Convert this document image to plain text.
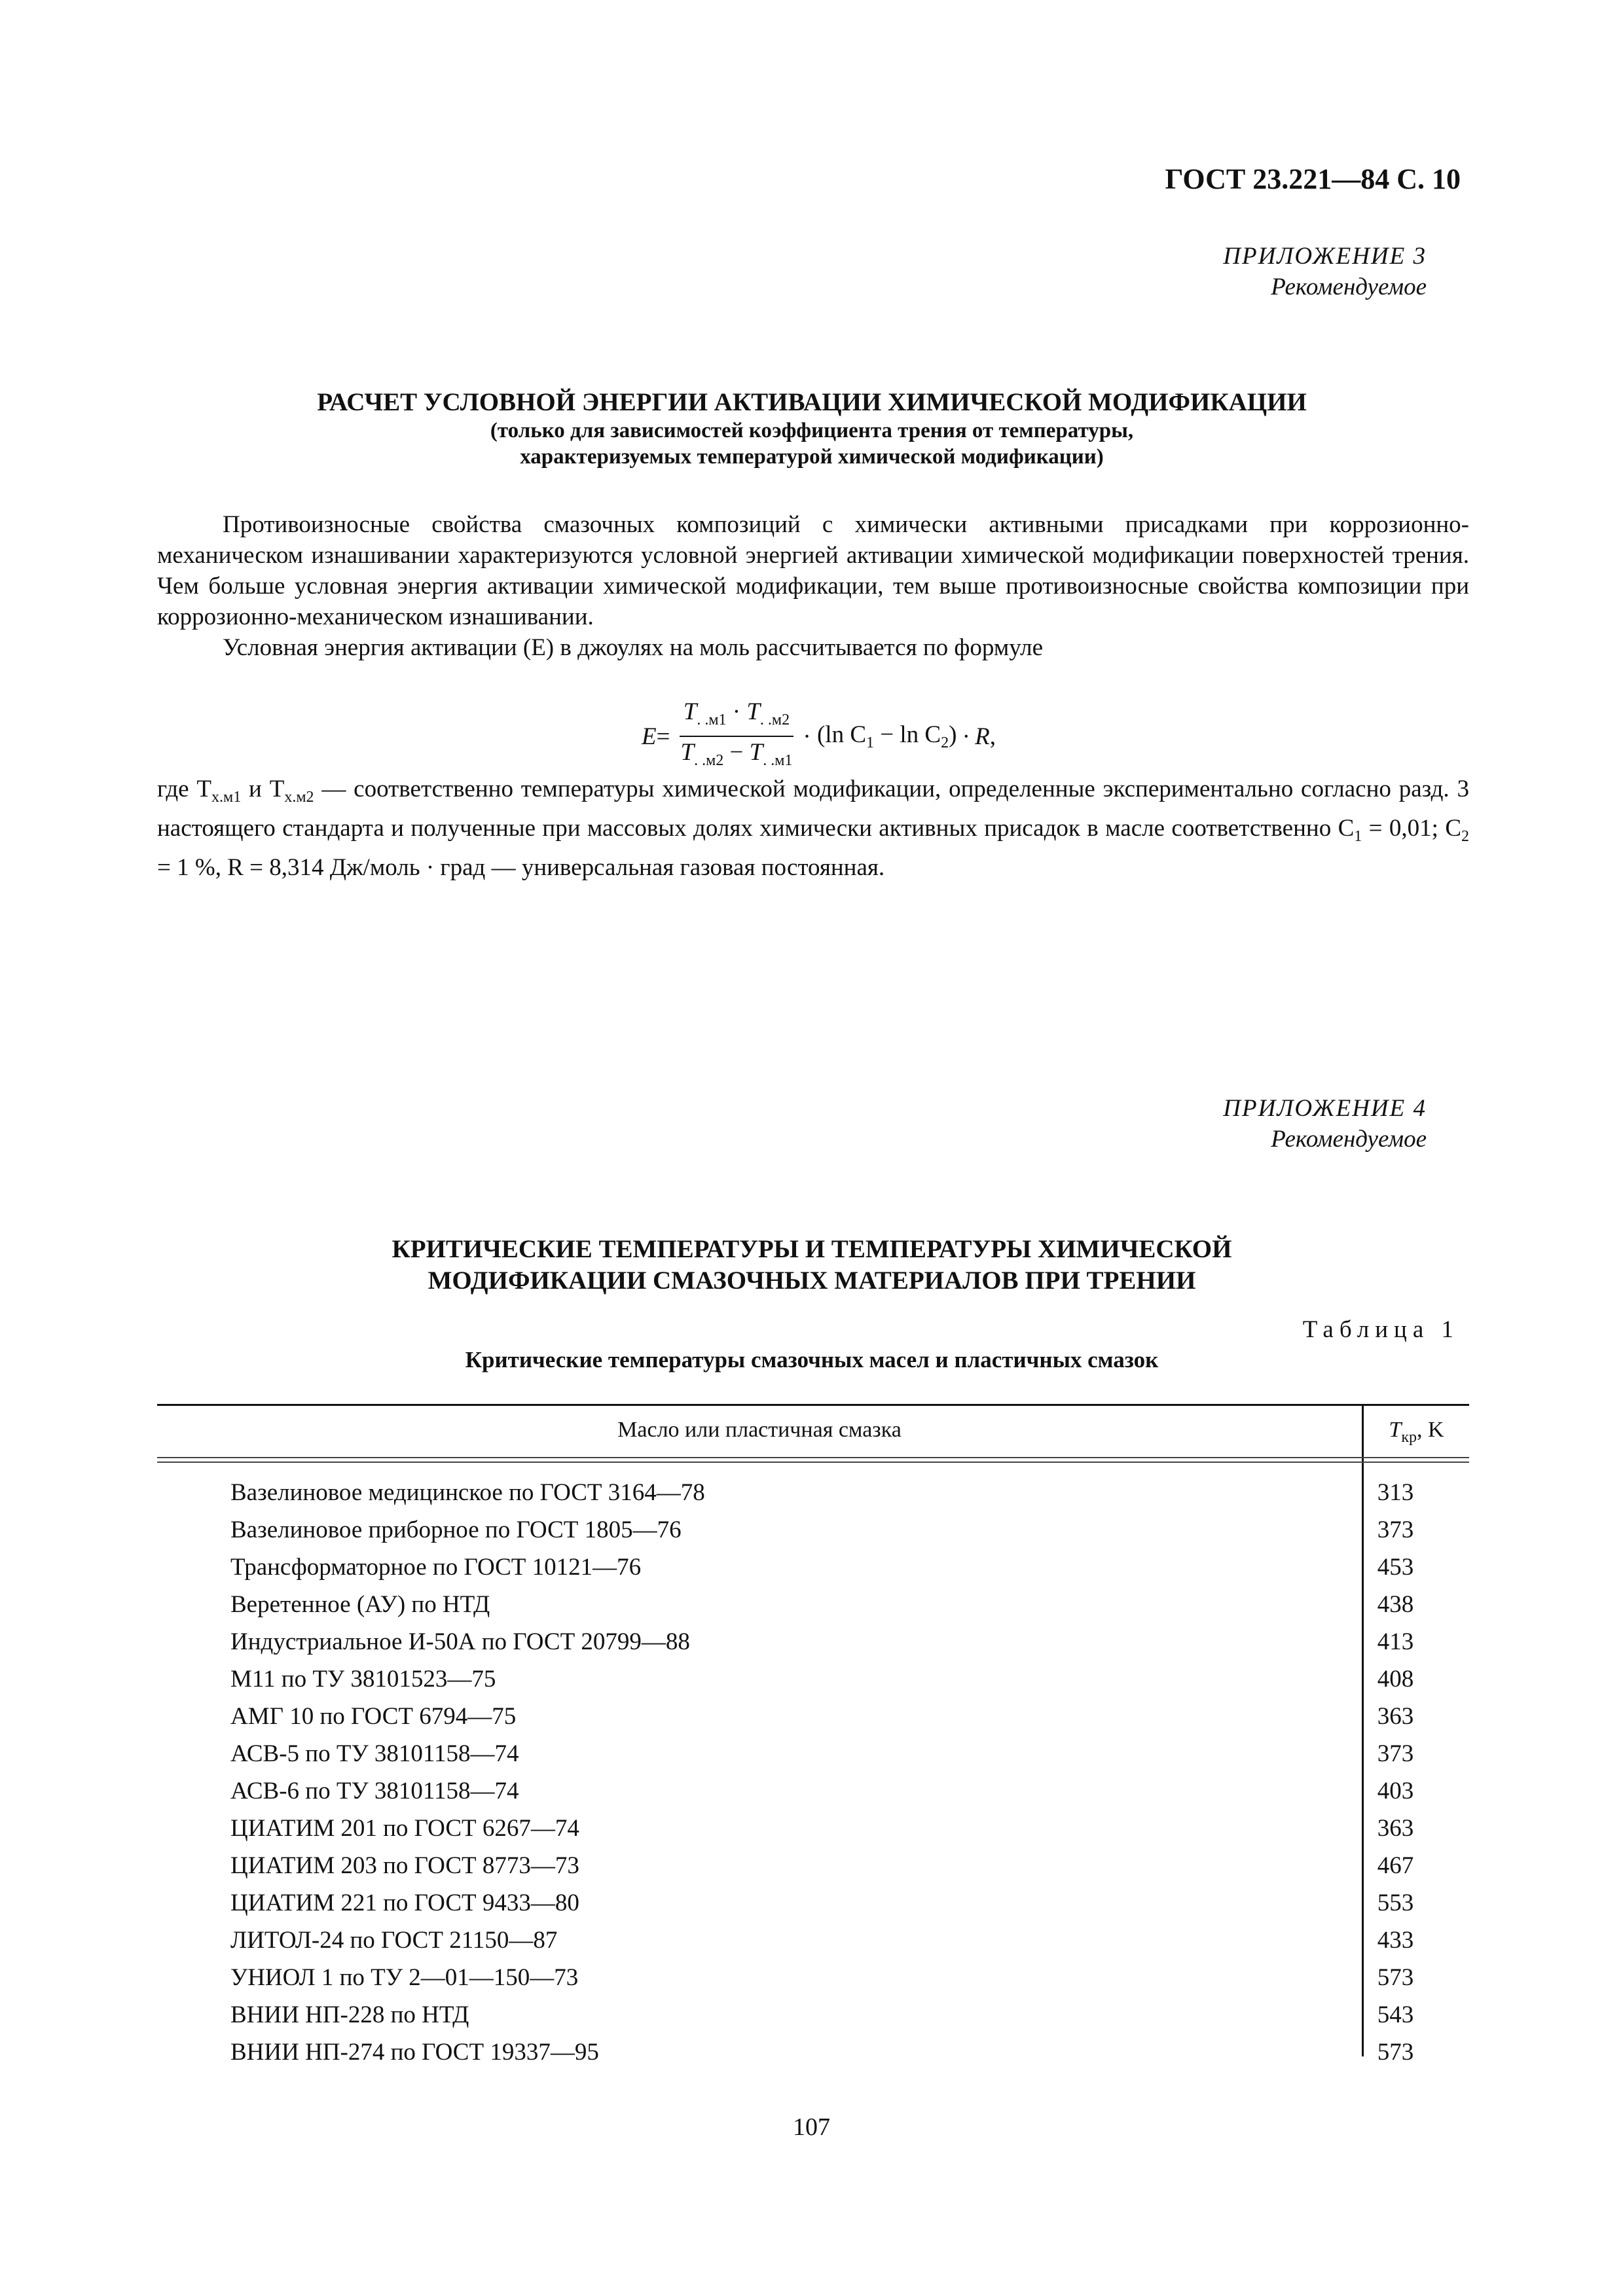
ГОСТ 23.221—84 С. 10
ПРИЛОЖЕНИЕ 3
Рекомендуемое
РАСЧЕТ УСЛОВНОЙ ЭНЕРГИИ АКТИВАЦИИ ХИМИЧЕСКОЙ МОДИФИКАЦИИ
(только для зависимостей коэффициента трения от температуры,
характеризуемых температурой химической модификации)

Противоизносные свойства смазочных композиций с химически активными присадками при коррозионно-механическом изнашивании характеризуются условной энергией активации химической модификации поверхностей трения. Чем больше условная энергия активации химической модификации, тем выше противоизносные свойства композиции при коррозионно-механическом изнашивании.

Условная энергия активации (E) в джоулях на моль рассчитывается по формуле

$E = \frac{T_{. .м1} \cdot T_{. .м2}}{T_{. .м2} - T_{. .м1}}$ ·
(ln $C_1 - \ln C_2$)
· R ,

где $T_{х.м1}$ и $T_{х.м2}$ — соответственно температуры химической модификации, определенные экспериментально согласно разд. 3 настоящего стандарта и полученные при массовых долях химически активных присадок в масле соответственно $C_1 = 0,01$; $C_2 = 1$ %, R = 8,314 Дж/моль · град — универсальная газовая постоянная.

ПРИЛОЖЕНИЕ 4
Рекомендуемое
КРИТИЧЕСКИЕ ТЕМПЕРАТУРЫ И ТЕМПЕРАТУРЫ ХИМИЧЕСКОЙ
МОДИФИКАЦИИ СМАЗОЧНЫХ МАТЕРИАЛОВ ПРИ ТРЕНИИ
Таблица 1
Критические температуры смазочных масел и пластичных смазок
Масло или пластичная смазка	$T_{кр}$, K
Вазелиновое медицинское по ГОСТ 3164—78	313
Вазелиновое приборное по ГОСТ 1805—76	373
Трансформаторное по ГОСТ 10121—76	453
Веретенное (АУ) по НТД	438
Индустриальное И-50А по ГОСТ 20799—88	413
М11 по ТУ 38101523—75	408
АМГ 10 по ГОСТ 6794—75	363
АСВ-5 по ТУ 38101158—74	373
АСВ-6 по ТУ 38101158—74	403
ЦИАТИМ 201 по ГОСТ 6267—74	363
ЦИАТИМ 203 по ГОСТ 8773—73	467
ЦИАТИМ 221 по ГОСТ 9433—80	553
ЛИТОЛ-24 по ГОСТ 21150—87	433
УНИОЛ 1 по ТУ 2—01—150—73	573
ВНИИ НП-228 по НТД	543
ВНИИ НП-274 по ГОСТ 19337—95	573
107
